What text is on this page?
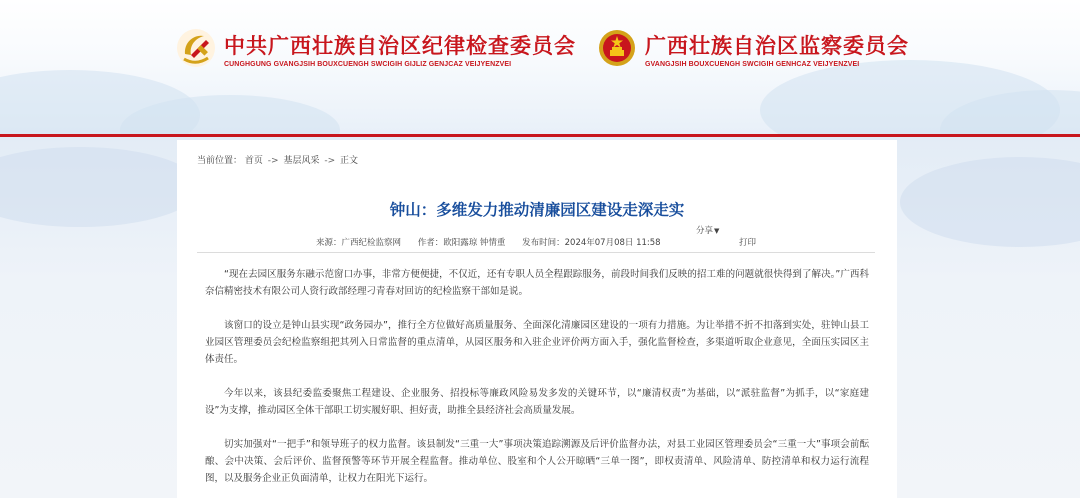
中共广西壮族自治区纪律检查委员会
CUNGHGUNG GVANGJSIH BOUXCUENGH SWCIGIH GIJLIZ GENJCAZ VEIJYENZVEI
广西壮族自治区监察委员会
GVANGJSIH BOUXCUENGH SWCIGIH GENHCAZ VEIJYENZVEI
当前位置： 首页 -> 基层风采 -> 正文
钟山：多维发力推动清廉园区建设走深走实
来源：广西纪检监察网 作者：欧阳露琼 钟情重 发布时间：2024年07月08日 11:58
分享▼
打印

“现在去园区服务东融示范窗口办事，非常方便便捷，不仅近，还有专职人员全程跟踪服务，前段时间我们反映的招工难的问题就很快得到了解决。”广西科奈信精密技术有限公司人资行政部经理刁青春对回访的纪检监察干部如是说。

该窗口的设立是钟山县实现“政务园办”，推行全方位做好高质量服务、全面深化清廉园区建设的一项有力措施。为让举措不折不扣落到实处，驻钟山县工业园区管理委员会纪检监察组把其列入日常监督的重点清单，从园区服务和入驻企业评价两方面入手，强化监督检查，多渠道听取企业意见，全面压实园区主体责任。

今年以来，该县纪委监委聚焦工程建设、企业服务、招投标等廉政风险易发多发的关键环节，以“廉清权责”为基础，以“派驻监督”为抓手，以“家庭建设”为支撑，推动园区全体干部职工切实履好职、担好责，助推全县经济社会高质量发展。

切实加强对“一把手”和领导班子的权力监督。该县制发“三重一大”事项决策追踪溯源及后评价监督办法，对县工业园区管理委员会“三重一大”事项会前酝酿、会中决策、会后评价、监督预警等环节开展全程监督。推动单位、股室和个人公开晾晒“三单一图”，即权责清单、风险清单、防控清单和权力运行流程图，以及服务企业正负面清单，让权力在阳光下运行。
